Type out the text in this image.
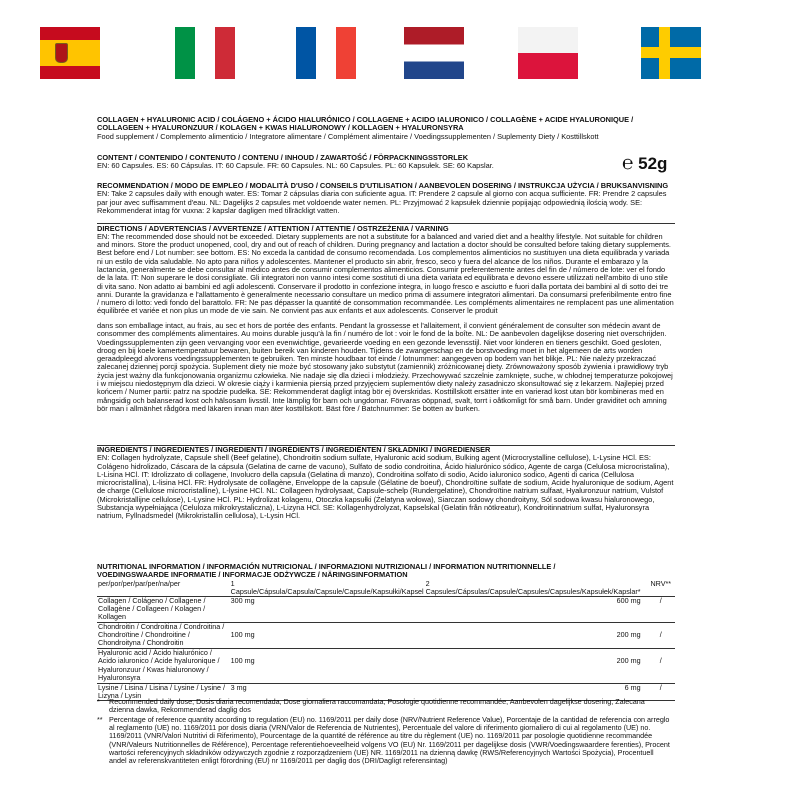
COLLAGEN + HYALURONIC ACID / COLÁGENO + ÁCIDO HIALURÓNICO / COLLAGENE + ACIDO IALURONICO / COLLAGÈNE + ACIDE HYALURONIQUE /

COLLAGEEN + HYALURONZUUR / KOLAGEN + KWAS HIALURONOWY / KOLLAGEN + HYALURONSYRA

Food supplement / Complemento alimenticio / Integratore alimentare / Complément alimentaire / Voedingssupplementen / Suplementy Diety / Kosttillskott

CONTENT / CONTENIDO / CONTENUTO / CONTENU / INHOUD / ZAWARTOŚĆ / FÖRPACKNINGSSTORLEK

EN: 60 Capsules. ES: 60 Cápsulas. IT: 60 Capsule. FR: 60 Capsules. NL: 60 Capsules. PL: 60 Kapsułek. SE: 60 Kapslar.	℮ 52g

RECOMMENDATION / MODO DE EMPLEO / MODALITÀ D'USO / CONSEILS D'UTILISATION / AANBEVOLEN DOSERING / INSTRUKCJA UŻYCIA / BRUKSANVISNING

EN: Take 2 capsules daily with enough water. ES: Tomar 2 cápsulas diaria con suficiente agua. IT: Prendere 2 capsule al giorno con acqua sufficiente. FR: Prendre 2 capsules par jour avec suffisamment d'eau. NL: Dagelijks 2 capsules met voldoende water nemen. PL: Przyjmować 2 kapsułek dziennie popijając odpowiednią ilością wody. SE: Rekommenderat intag för vuxna: 2 kapslar dagligen med tillräckligt vatten.

DIRECTIONS / ADVERTENCIAS / AVVERTENZE / ATTENTION / ATTENTIE / OSTRZEŻENIA / VARNING

EN: The recommended dose should not be exceeded. Dietary supplements are not a substitute for a balanced and varied diet and a healthy lifestyle. Not suitable for children and minors. Store the product unopened, cool, dry and out of reach of children. During pregnancy and lactation a doctor should be consulted before taking dietary supplements. Best before end / Lot number: see bottom. ES: No exceda la cantidad de consumo recomendada. Los complementos alimenticios no sustituyen una dieta equilibrada y variada ni un estilo de vida saludable. No apto para niños y adolescentes. Mantener el producto sin abrir, fresco, seco y fuera del alcance de los niños. Durante el embarazo y la lactancia, generalmente se debe consultar al médico antes de consumir complementos alimenticios. Consumir preferentemente antes del fin de / número de lote: ver el fondo de la lata. IT: Non superare le dosi consigliate. Gli integratori non vanno intesi come sostituti di una dieta variata ed equilibrata e devono essere utilizzati nell'ambito di uno stile di vita sano. Non adatto ai bambini ed agli adolescenti. Conservare il prodotto in confezione integra, in luogo fresco e asciutto e fuori dalla portata dei bambini al di sotto dei tre anni. Durante la gravidanza e l'allattamento è generalmente necessario consultare un medico prima di assumere integratori alimentari. Da consumarsi preferibilmente entro fine / numero di lotto: vedi fondo del barattolo. FR: Ne pas dépasser la quantité de consommation recommandée. Les compléments alimentaires ne remplacent pas une alimentation équilibrée et variée et non plus un mode de vie sain. Ne convient pas aux enfants et aux adolescents. Conserver le produit

dans son emballage intact, au frais, au sec et hors de portée des enfants. Pendant la grossesse et l'allaitement, il convient généralement de consulter son médecin avant de consommer des compléments alimentaires. Au moins durable jusqu'à la fin / numéro de lot : voir le fond de la boîte. NL: De aanbevolen dagelijkse dosering niet overschrijden. Voedingssupplementen zijn geen vervanging voor een evenwichtige, gevarieerde voeding en een gezonde levensstijl. Niet voor kinderen en tieners geschikt. Goed gesloten, droog en bij koele kamertemperatuur bewaren, buiten bereik van kinderen houden. Tijdens de zwangerschap en de borstvoeding moet in het algemeen de arts worden geraadpleegd alvorens voedingssupplementen te gebruiken. Ten minste houdbaar tot einde / lotnummer: aangegeven op bodem van het blikje. PL: Nie należy przekraczać zalecanej dziennej porcji spożycia. Suplement diety nie może być stosowany jako substytut (zamiennik) zróżnicowanej diety. Zrównoważony sposób żywienia i prawidłowy tryb życia jest ważny dla funkcjonowania organizmu człowieka. Nie nadaje się dla dzieci i młodzieży. Przechowywać szczelnie zamknięte, suche, w chłodnej temperaturze pokojowej i w miejscu niedostępnym dla dzieci. W okresie ciąży i karmienia piersią przed przyjęciem suplementów diety należy zasadniczo skonsultować się z lekarzem. Najlepiej przed końcem / Numer partii: patrz na spodzie pudełka. SE: Rekommenderat dagligt intag bör ej överskridas. Kosttillskott ersätter inte en varierad kost utan bör kombineras med en mångsidig och balanserad kost och hälsosam livsstil. Inte lämplig för barn och ungdomar. Förvaras oöppnad, svalt, torrt i oåtkomligt för små barn. Under graviditet och amning bör man i allmänhet rådgöra med läkaren innan man äter kosttillskott. Bäst före / Batchnummer: Se botten av burken.

INGREDIENTS / INGREDIENTES / INGREDIENTI / INGRÉDIENTS / INGREDIËNTEN / SKŁADNIKI / INGREDIENSER

EN: Collagen hydrolyzate, Capsule shell (Beef gelatine), Chondroitin sodium sulfate, Hyaluronic acid sodium, Bulking agent (Microcrystalline cellulose), L-Lysine HCl. ES: Colágeno hidrolizado, Cáscara de la cápsula (Gelatina de carne de vacuno), Sulfato de sodio condroitina, Ácido hialurónico sódico, Agente de carga (Celulosa microcristalina), L-Lisina HCl. IT: Idrolizzato di collagene, Involucro della capsula (Gelatina di manzo), Condroitina solfato di sodio, Acido ialuronico sodico, Agenti di carica (Cellulosa microcristallina), L-lisina HCl. FR: Hydrolysate de collagène, Enveloppe de la capsule (Gélatine de boeuf), Chondroïtine sulfate de sodium, Acide hyaluronique de sodium, Agent de charge (Cellulose microcristalline), L-lysine HCl. NL: Collageen hydrolysaat, Capsule-schelp (Rundergelatine), Chondroïtine natrium sulfaat, Hyaluronzuur natrium, Vulstof (Microkristallijne cellulose), L-Lysine HCl. PL: Hydrolizat kolagenu, Otoczka kapsułki (Żelatyna wołowa), Siarczan sodowy chondroityny, Sól sodowa kwasu hialuronowego, Substancja wypełniająca (Celuloza mikrokrystaliczna), L-Lizyna HCl. SE: Kollagenhydrolyzat, Kapselskal (Gelatin från nötkreatur), Kondroitinnatrium sulfat, Hyaluronsyra natrium, Fyllnadsmedel (Mikrokristallin cellulosa), L-Lysin HCl.

NUTRITIONAL INFORMATION / INFORMACIÓN NUTRICIONAL / INFORMAZIONI NUTRIZIONALI / INFORMATION NUTRITIONNELLE /

VOEDINGSWAARDE INFORMATIE / INFORMACJE ODŻYWCZE / NÄRINGSINFORMATION

per/por/per/par/per/na/per	1 Capsule/Cápsula/Capsula/Capsule/Capsule/Kapsułki/Kapsel		2 Capsules/Cápsulas/Capsule/Capsules/Capsules/Kapsułek/Kapslar*	NRV**
Collagen / Colágeno / Collagene / Collagène / Collageen / Kolagen / Kollagen	300 mg		600 mg	/
Chondroitin / Condroitina / Condroitina / Chondroïtine / Chondroitine / Chondroityna / Chondroitin	100 mg		200 mg	/
Hyaluronic acid / Ácido hialurónico / Acido ialuronico / Acide hyaluronique / Hyaluronzuur / Kwas hialuronowy / Hyaluronsyra	100 mg		200 mg	/
Lysine / Lisina / Lisina / Lysine / Lysine / Lizyna / Lysin	3 mg		6 mg	/
* Recommended daily dose, Dosis diaria recomendada, Dose giornaliera raccomandata, Posologie quotidienne recommandée, Aanbevolen dagelijkse dosering, Zalecana dzienna dawka, Rekommenderad daglig dos
** Percentage of reference quantity according to regulation (EU) no. 1169/2011 per daily dose (NRV/Nutrient Reference Value), Porcentaje de la cantidad de referencia con arreglo al reglamento (UE) no. 1169/2011 por dosis diaria (VRN/Valor de Referencia de Nutrientes), Percentuale del valore di riferimento giornaliero di cui al regolamento (UE) no. 1169/2011 (VNR/Valori Nutritivi di Riferimento), Pourcentage de la quantité de référence au titre du règlement (UE) no. 1169/2011 par posologie quotidienne recommandée (VNR/Valeurs Nutritionnelles de Référence), Percentage referentiehoeveelheid volgens VO (EU) Nr. 1169/2011 per dagelijkse dosis (VWR/Voedingswaardere ferenties), Procent wartości referencyjnych składników odżywczych zgodnie z rozporządzeniem (UE) NR. 1169/2011 na dzienną dawkę (RWS/Referencyjnych Wartości Spożycia), Procentuell andel av referenskvantiteten enligt förordning (EU) nr 1169/2011 per daglig dos (DRI/Dagligt referensintag)
